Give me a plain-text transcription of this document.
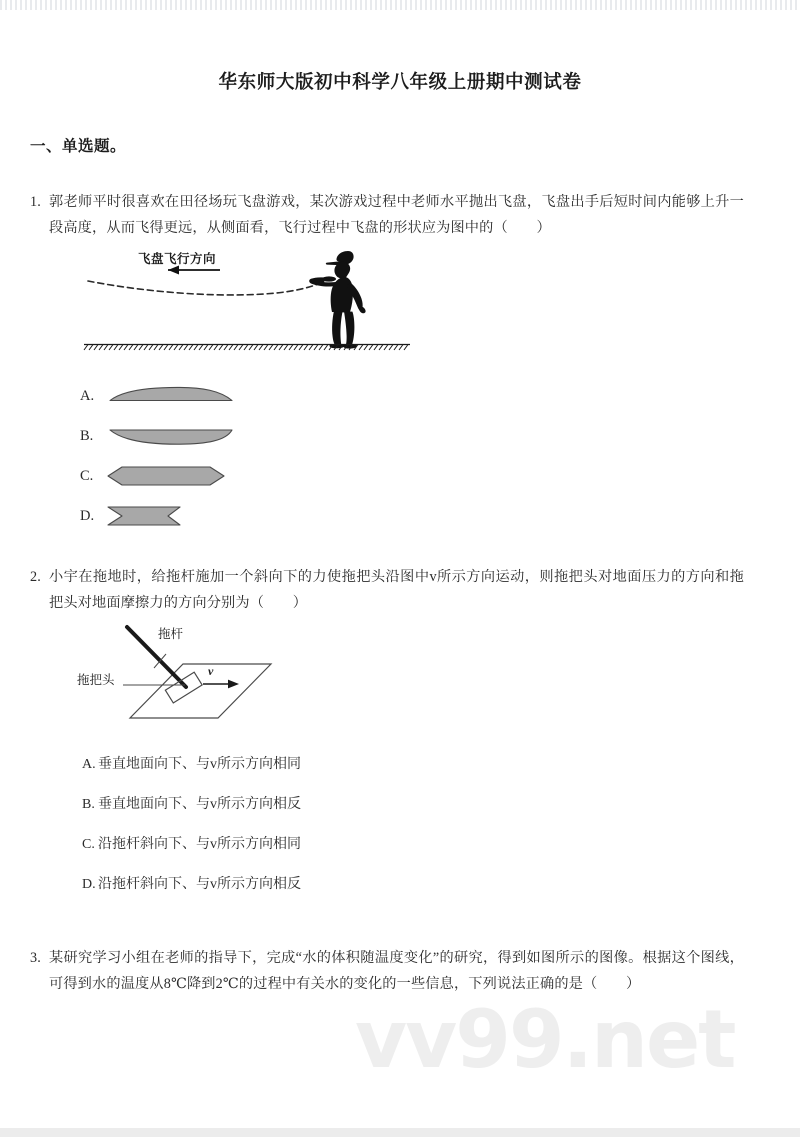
vv99.net
华东师大版初中科学八年级上册期中测试卷
一、单选题。
1. 郭老师平时很喜欢在田径场玩飞盘游戏，某次游戏过程中老师水平抛出飞盘，飞盘出手后短时间内能够上升一段高度，从而飞得更远，从侧面看，飞行过程中飞盘的形状应为图中的（　　）
飞盘飞行方向
A.
B.
C.
D.
2. 小宇在拖地时，给拖杆施加一个斜向下的力使拖把头沿图中v所示方向运动，则拖把头对地面压力的方向和拖把头对地面摩擦力的方向分别为（　　）
拖杆
拖把头
v
A. 垂直地面向下、与v所示方向相同
B. 垂直地面向下、与v所示方向相反
C. 沿拖杆斜向下、与v所示方向相同
D. 沿拖杆斜向下、与v所示方向相反
3. 某研究学习小组在老师的指导下，完成“水的体积随温度变化”的研究，得到如图所示的图像。根据这个图线，可得到水的温度从8℃降到2℃的过程中有关水的变化的一些信息，下列说法正确的是（　　）
